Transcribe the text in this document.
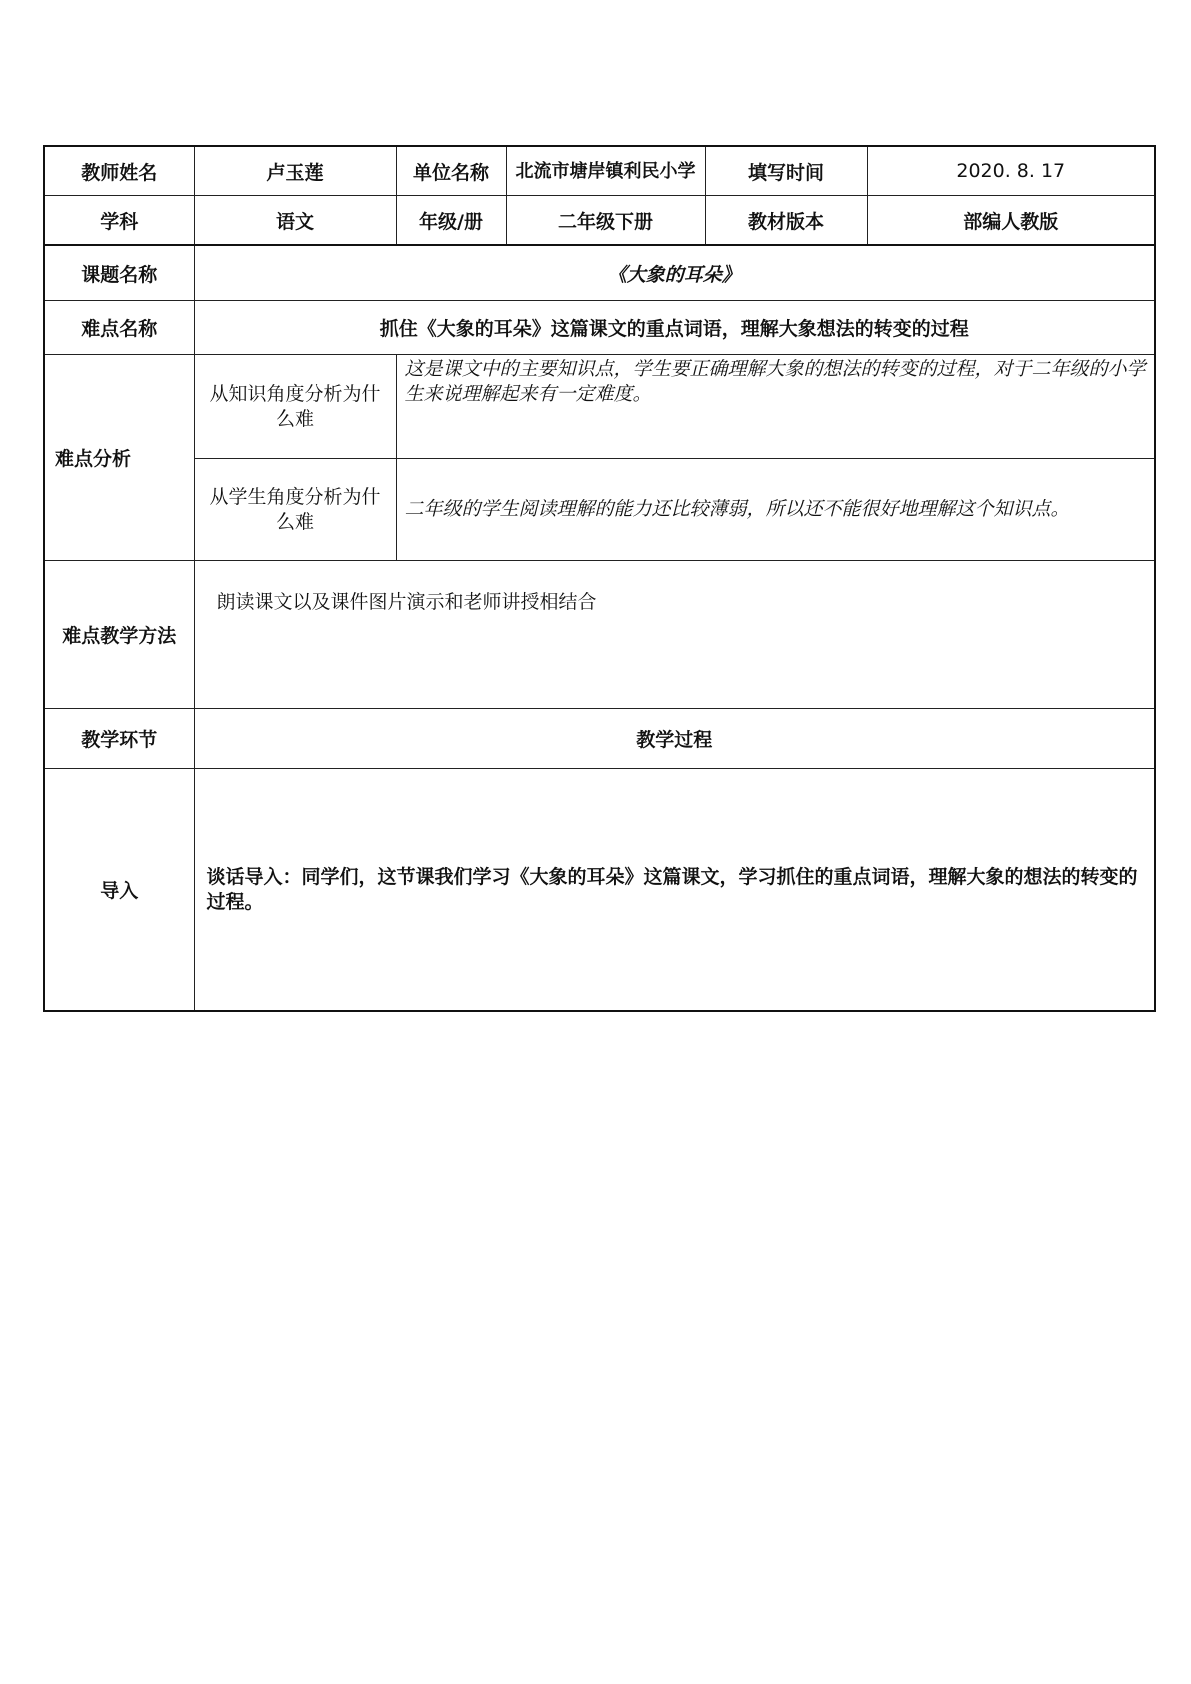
教师姓名	卢玉莲	单位名称	北流市塘岸镇利民小学	填写时间	2020. 8. 17
学科	语文	年级/册	二年级下册	教材版本	部编人教版
课题名称	《大象的耳朵》				
难点名称	抓住《大象的耳朵》这篇课文的重点词语，理解大象想法的转变的过程				
难点分析	从知识角度分析为什么难	这是课文中的主要知识点，学生要正确理解大象的想法的转变的过程，对于二年级的小学生来说理解起来有一定难度。			
	从学生角度分析为什么难	二年级的学生阅读理解的能力还比较薄弱，所以还不能很好地理解这个知识点。			
难点教学方法	朗读课文以及课件图片演示和老师讲授相结合				
教学环节	教学过程				
导入	谈话导入：同学们，这节课我们学习《大象的耳朵》这篇课文，学习抓住的重点词语，理解大象的想法的转变的过程。				
